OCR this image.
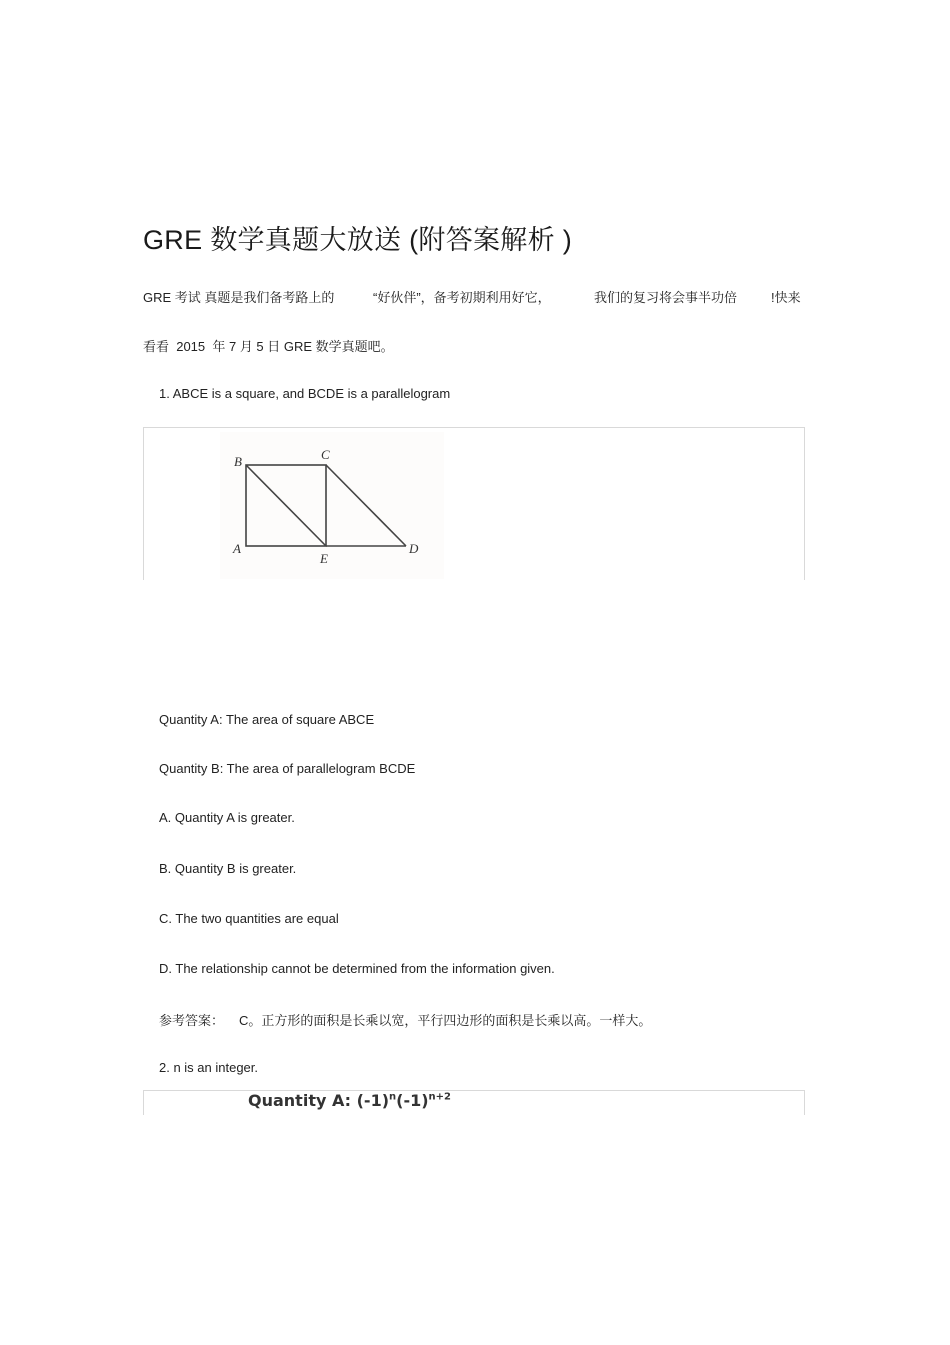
GRE 数学真题大放送 (附答案解析 )
GRE 考试 真题是我们备考路上的	“好伙伴”，备考初期利用好它，	我们的复习将会事半功倍	!快来
看看  2015  年 7 月 5 日 GRE 数学真题吧。
1. ABCE is a square, and BCDE is a parallelogram
B	C
A
E
D
Quantity A: The area of square ABCE
Quantity B: The area of parallelogram BCDE
A. Quantity A is greater.
B. Quantity B is greater.
C. The two quantities are equal
D. The relationship cannot be determined from the information given.
参考答案： C。正方形的面积是长乘以宽，平行四边形的面积是长乘以高。一样大。
2. n is an integer.
Quantity A: $(-1)^n(-1)^{n+2}$
